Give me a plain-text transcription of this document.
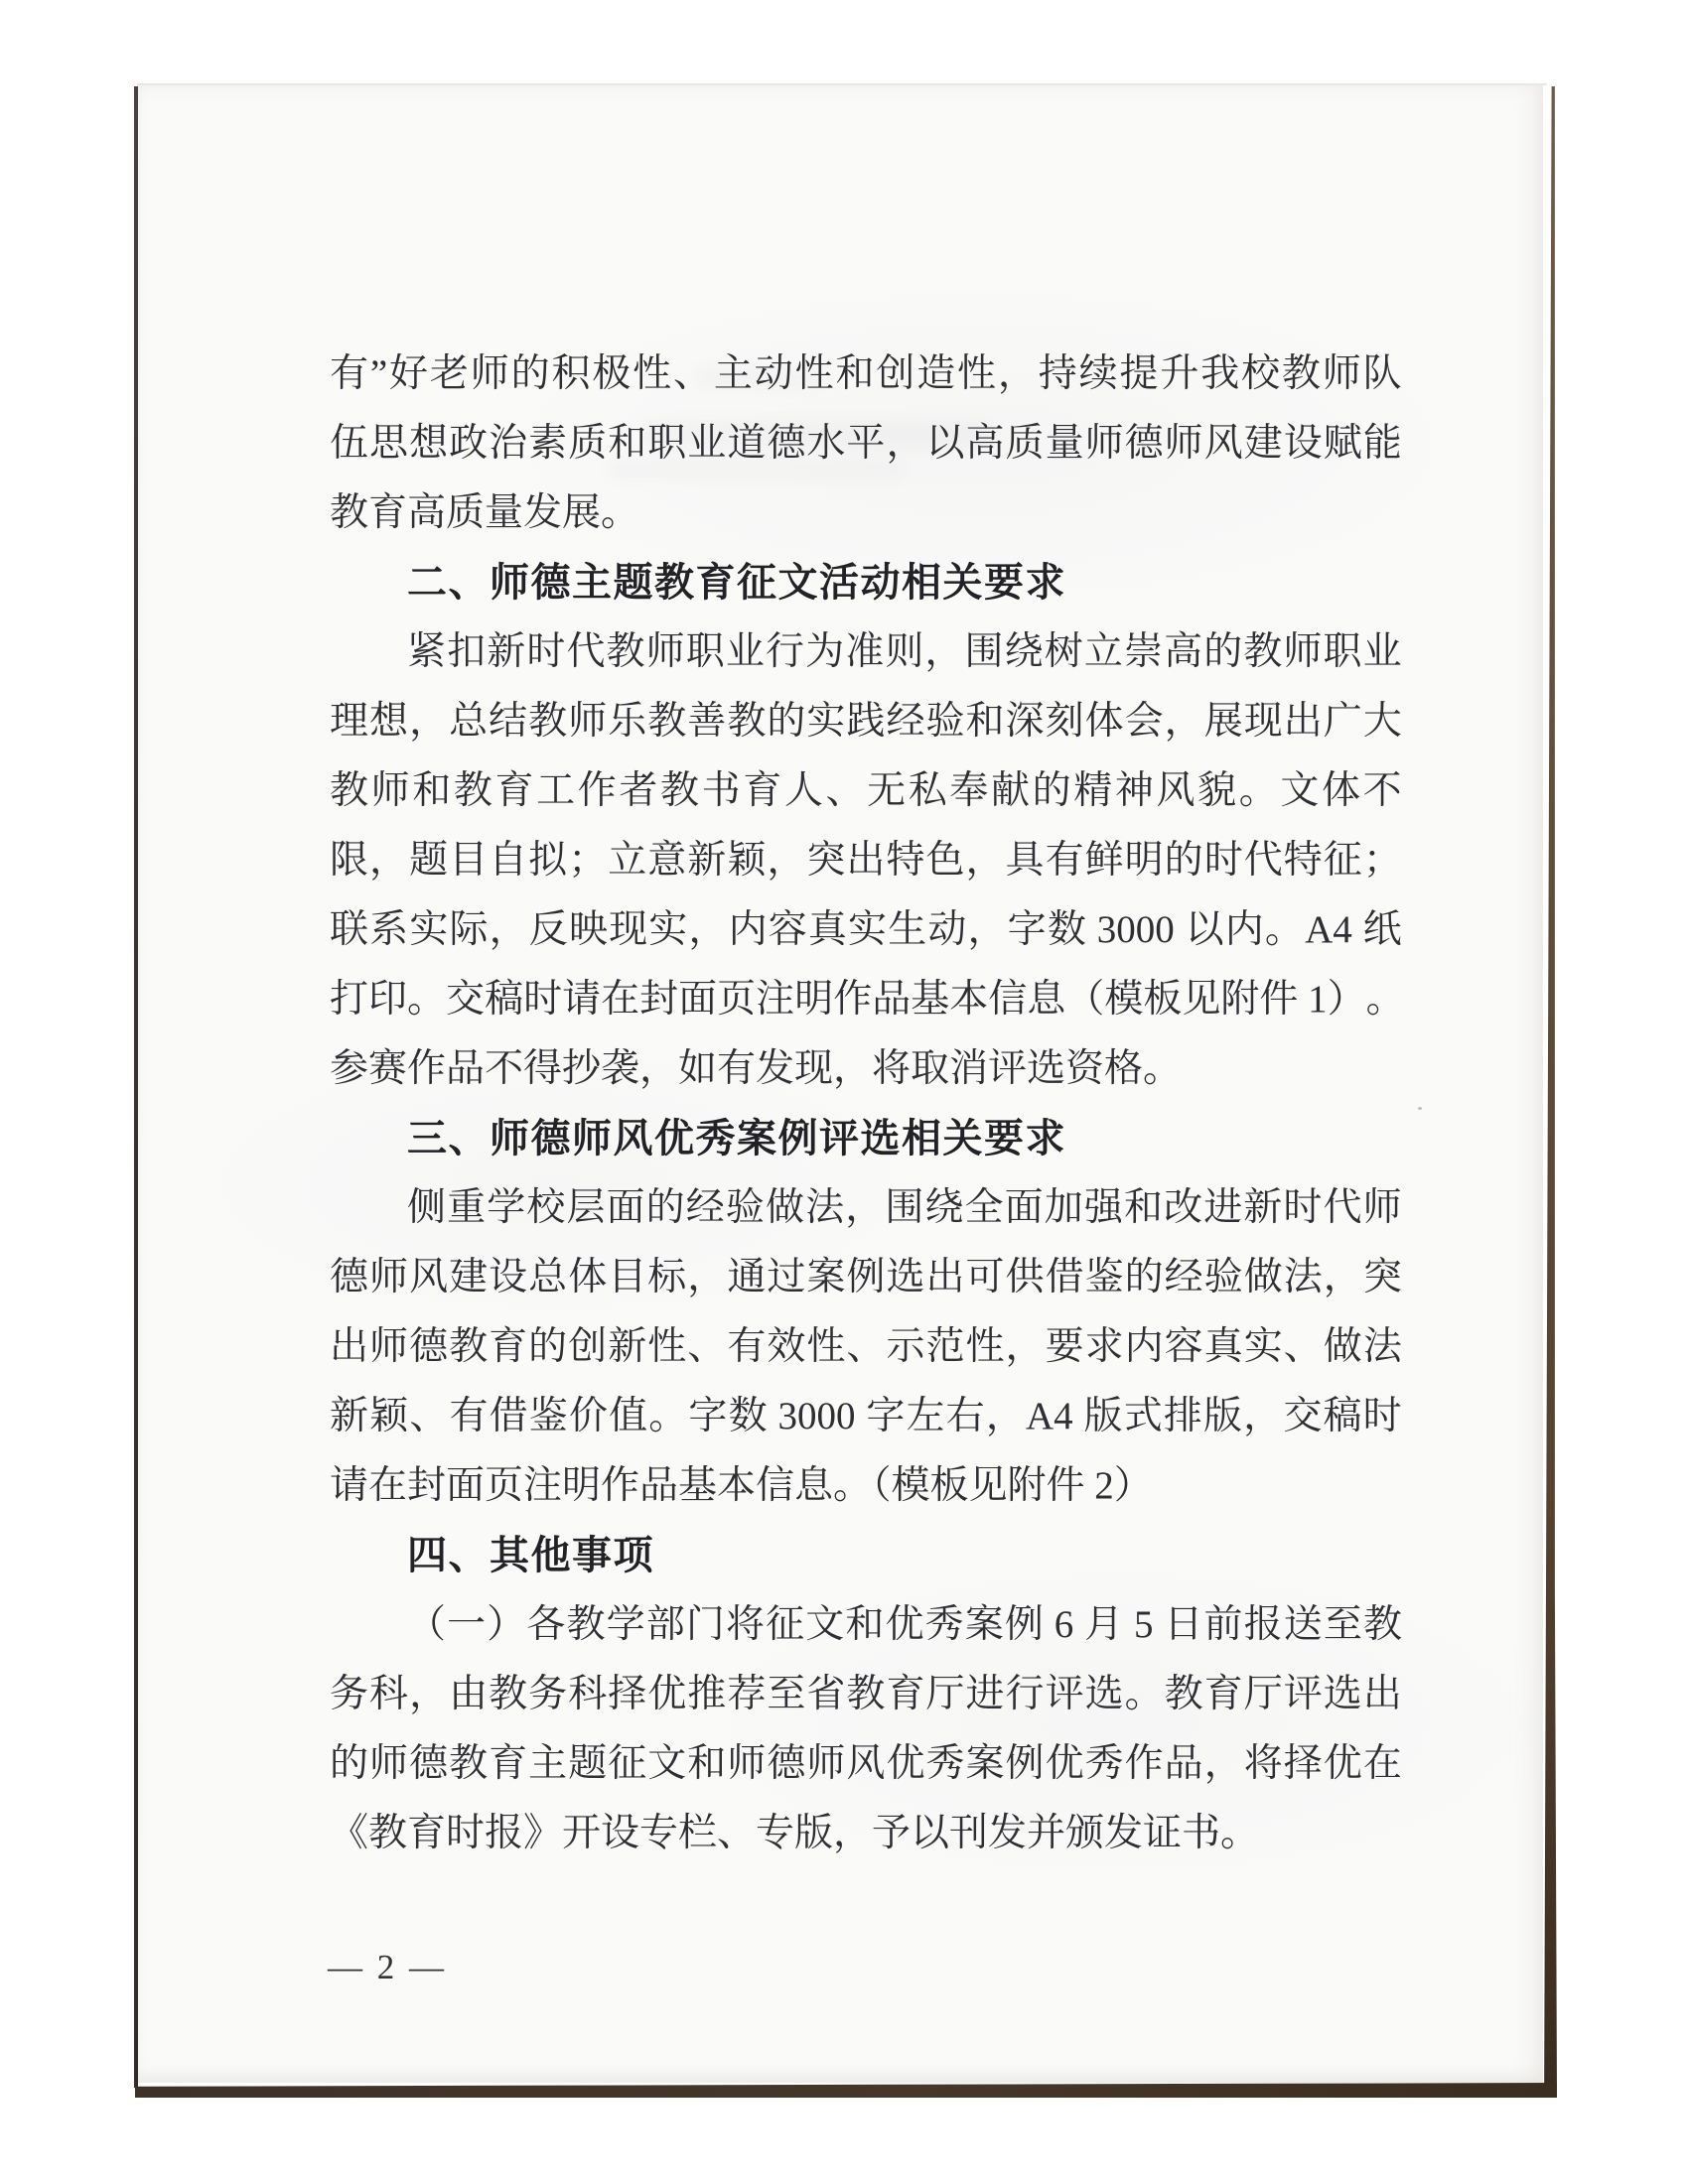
有 ” 好 老 师 的 积 极 性 、 主 动 性 和 创 造 性 ， 持 续 提 升 我 校 教 师 队
伍 思 想 政 治 素 质 和 职 业 道 德 水 平 ， 以 高 质 量 师 德 师 风 建 设 赋 能
教育高质量发展。
二、师德主题教育征文活动相关要求
紧 扣 新 时 代 教 师 职 业 行 为 准 则 ， 围 绕 树 立 崇 高 的 教 师 职 业
理 想 ， 总 结 教 师 乐 教 善 教 的 实 践 经 验 和 深 刻 体 会 ， 展 现 出 广 大
教 师 和 教 育 工 作 者 教 书 育 人 、 无 私 奉 献 的 精 神 风 貌 。 文 体 不
限 ， 题 目 自 拟 ； 立 意 新 颖 ， 突 出 特 色 ， 具 有 鲜 明 的 时 代 特 征 ；
联 系 实 际 ， 反 映 现 实 ， 内 容 真 实 生 动 ， 字 数 3000 以 内 。 A4 纸
打 印 。 交 稿 时 请 在 封 面 页 注 明 作 品 基 本 信 息 （ 模 板 见 附 件 1 ） 。
参赛作品不得抄袭，如有发现，将取消评选资格。
三、师德师风优秀案例评选相关要求
侧 重 学 校 层 面 的 经 验 做 法 ， 围 绕 全 面 加 强 和 改 进 新 时 代 师
德 师 风 建 设 总 体 目 标 ， 通 过 案 例 选 出 可 供 借 鉴 的 经 验 做 法 ， 突
出 师 德 教 育 的 创 新 性 、 有 效 性 、 示 范 性 ， 要 求 内 容 真 实 、 做 法
新 颖 、 有 借 鉴 价 值 。 字 数 3000 字 左 右 ， A4 版 式 排 版 ， 交 稿 时
请在封面页注明作品基本信息。（模板见附件 2）
四、其他事项
（ 一 ） 各 教 学 部 门 将 征 文 和 优 秀 案 例 6 月 5 日 前 报 送 至 教
务 科 ， 由 教 务 科 择 优 推 荐 至 省 教 育 厅 进 行 评 选 。 教 育 厅 评 选 出
的 师 德 教 育 主 题 征 文 和 师 德 师 风 优 秀 案 例 优 秀 作 品 ， 将 择 优 在
《教育时报》开设专栏、专版，予以刊发并颁发证书。
— 2 —
